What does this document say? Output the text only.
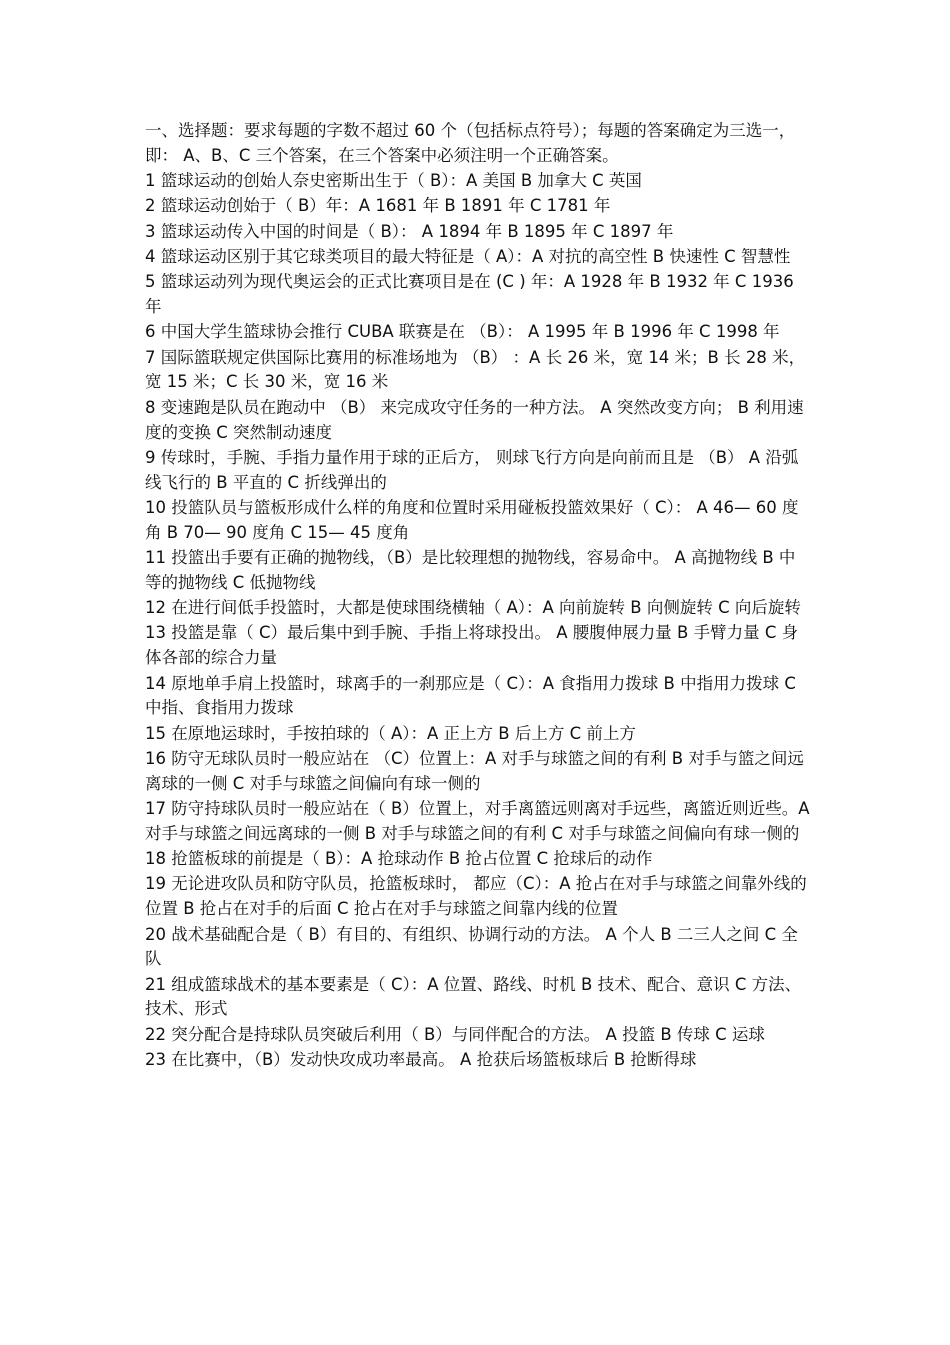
一、选择题：要求每题的字数不超过 60 个（包括标点符号）；每题的答案确定为三选一，即： A、B、C 三个答案，在三个答案中必须注明一个正确答案。

1 篮球运动的创始人奈史密斯出生于（ B）：A 美国 B 加拿大 C 英国

2 篮球运动创始于（ B）年：A 1681 年 B 1891 年 C 1781 年

3 篮球运动传入中国的时间是（ B）： A 1894 年 B 1895 年 C 1897 年

4 篮球运动区别于其它球类项目的最大特征是（ A）：A 对抗的高空性 B 快速性 C 智慧性

5 篮球运动列为现代奥运会的正式比赛项目是在 (C ) 年：A 1928 年 B 1932 年 C 1936 年

6 中国大学生篮球协会推行 CUBA 联赛是在 （B）： A 1995 年 B 1996 年 C 1998 年

7 国际篮联规定供国际比赛用的标准场地为 （B） ：A 长 26 米，宽 14 米；B 长 28 米，宽 15 米；C 长 30 米，宽 16 米

8 变速跑是队员在跑动中 （B） 来完成攻守任务的一种方法。 A 突然改变方向； B 利用速度的变换 C 突然制动速度

9 传球时，手腕、手指力量作用于球的正后方， 则球飞行方向是向前而且是 （B） A 沿弧线飞行的 B 平直的 C 折线弹出的

10 投篮队员与篮板形成什么样的角度和位置时采用碰板投篮效果好（ C）： A 46— 60 度角 B 70— 90 度角 C 15— 45 度角

11 投篮出手要有正确的抛物线，（B）是比较理想的抛物线，容易命中。 A 高抛物线 B 中等的抛物线 C 低抛物线

12 在进行间低手投篮时，大都是使球围绕横轴（ A）：A 向前旋转 B 向侧旋转 C 向后旋转

13 投篮是靠（ C）最后集中到手腕、手指上将球投出。 A 腰腹伸展力量 B 手臂力量 C 身体各部的综合力量

14 原地单手肩上投篮时，球离手的一刹那应是（ C）：A 食指用力拨球 B 中指用力拨球 C 中指、食指用力拨球

15 在原地运球时，手按拍球的（ A）：A 正上方 B 后上方 C 前上方

16 防守无球队员时一般应站在 （C）位置上：A 对手与球篮之间的有利 B 对手与篮之间远离球的一侧 C 对手与球篮之间偏向有球一侧的

17 防守持球队员时一般应站在（ B）位置上，对手离篮远则离对手远些，离篮近则近些。A 对手与球篮之间远离球的一侧 B 对手与球篮之间的有利 C 对手与球篮之间偏向有球一侧的

18 抢篮板球的前提是（ B）：A 抢球动作 B 抢占位置 C 抢球后的动作

19 无论进攻队员和防守队员，抢篮板球时， 都应（C）：A 抢占在对手与球篮之间靠外线的位置 B 抢占在对手的后面 C 抢占在对手与球篮之间靠内线的位置

20 战术基础配合是（ B）有目的、有组织、协调行动的方法。 A 个人 B 二三人之间 C 全队

21 组成篮球战术的基本要素是（ C）：A 位置、路线、时机 B 技术、配合、意识 C 方法、技术、形式

22 突分配合是持球队员突破后利用（ B）与同伴配合的方法。 A 投篮 B 传球 C 运球

23 在比赛中，（B）发动快攻成功率最高。 A 抢获后场篮板球后 B 抢断得球
